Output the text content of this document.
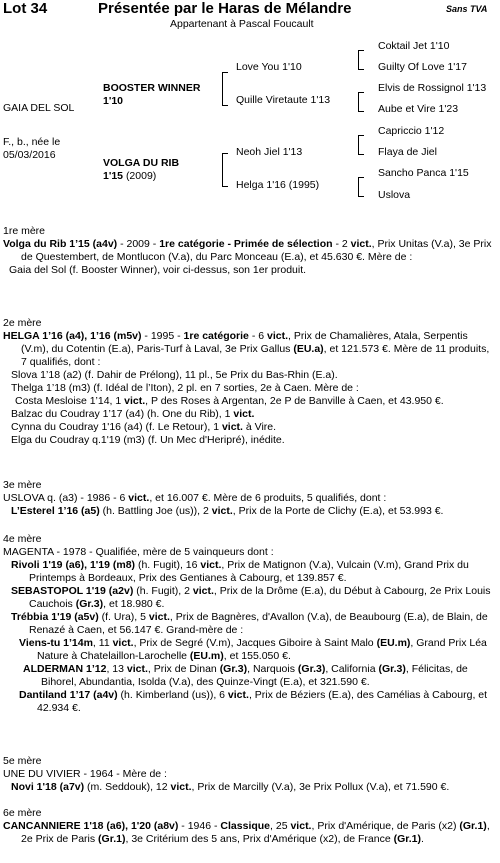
Lot 34	Présentée par le Haras de Mélandre	Sans TVA
Appartenant à Pascal Foucault
GAIA DEL SOL
F., b., née le
05/03/2016
BOOSTER WINNER
1'10
VOLGA DU RIB
1'15 (2009)
Love You 1'10
Quille Viretaute 1'13
Neoh Jiel 1'13
Helga 1'16 (1995)
Coktail Jet 1'10
Guilty Of Love 1'17
Elvis de Rossignol 1'13
Aube et Vire 1'23
Capriccio 1'12
Flaya de Jiel
Sancho Panca 1'15
Uslova
1re mère
Volga du Rib 1’15 (a4v) - 2009 - 1re catégorie - Primée de sélection - 2 vict., Prix Unitas (V.a), 3e Prix de Questembert, de Montlucon (V.a), du Parc Monceau (E.a), et 45.630 €. Mère de :
Gaia del Sol (f. Booster Winner), voir ci-dessus, son 1er produit.
2e mère
HELGA 1’16 (a4), 1’16 (m5v) - 1995 - 1re catégorie - 6 vict., Prix de Chamalières, Atala, Serpentis (V.m), du Cotentin (E.a), Paris-Turf à Laval, 3e Prix Gallus (EU.a), et 121.573 €. Mère de 11 produits, 7 qualifiés, dont :
Slova 1’18 (a2) (f. Dahir de Prélong), 11 pl., 5e Prix du Bas-Rhin (E.a).
Thelga 1’18 (m3) (f. Idéal de l’Iton), 2 pl. en 7 sorties, 2e à Caen. Mère de :
Costa Mesloise 1’14, 1 vict., P des Roses à Argentan, 2e P de Banville à Caen, et 43.950 €.
Balzac du Coudray 1’17 (a4) (h. One du Rib), 1 vict.
Cynna du Coudray 1'16 (a4) (f. Le Retour), 1 vict. à Vire.
Elga du Coudray q.1'19 (m3) (f. Un Mec d'Heripré), inédite.
3e mère
USLOVA q. (a3) - 1986 - 6 vict., et 16.007 €. Mère de 6 produits, 5 qualifiés, dont :
L’Esterel 1’16 (a5) (h. Battling Joe (us)), 2 vict., Prix de la Porte de Clichy (E.a), et 53.993 €.
4e mère
MAGENTA - 1978 - Qualifiée, mère de 5 vainqueurs dont :
Rivoli 1'19 (a6), 1'19 (m8) (h. Fugit), 16 vict., Prix de Matignon (V.a), Vulcain (V.m), Grand Prix du Printemps à Bordeaux, Prix des Gentianes à Cabourg, et 139.857 €.
SEBASTOPOL 1'19 (a2v) (h. Fugit), 2 vict., Prix de la Drôme (E.a), du Début à Cabourg, 2e Prix Louis Cauchois (Gr.3), et 18.980 €.
Trébbia 1'19 (a5v) (f. Ura), 5 vict., Prix de Bagnères, d'Avallon (V.a), de Beaubourg (E.a), de Blain, de Renazé à Caen, et 56.147 €. Grand-mère de :
Viens-tu 1’14m, 11 vict., Prix de Segré (V.m), Jacques Giboire à Saint Malo (EU.m), Grand Prix Léa Nature à Chatelaillon-Larochelle (EU.m), et 155.050 €.
ALDERMAN 1’12, 13 vict., Prix de Dinan (Gr.3), Narquois (Gr.3), California (Gr.3), Félicitas, de Bihorel, Abundantia, Isolda (V.a), des Quinze-Vingt (E.a), et 321.590 €.
Dantiland 1’17 (a4v) (h. Kimberland (us)), 6 vict., Prix de Béziers (E.a), des Camélias à Cabourg, et 42.934 €.
5e mère
UNE DU VIVIER - 1964 - Mère de :
Novi 1'18 (a7v) (m. Seddouk), 12 vict., Prix de Marcilly (V.a), 3e Prix Pollux (V.a), et 71.590 €.
6e mère
CANCANNIERE 1'18 (a6), 1'20 (a8v) - 1946 - Classique, 25 vict., Prix d'Amérique, de Paris (x2) (Gr.1), 2e Prix de Paris (Gr.1), 3e Critérium des 5 ans, Prix d'Amérique (x2), de France (Gr.1).
